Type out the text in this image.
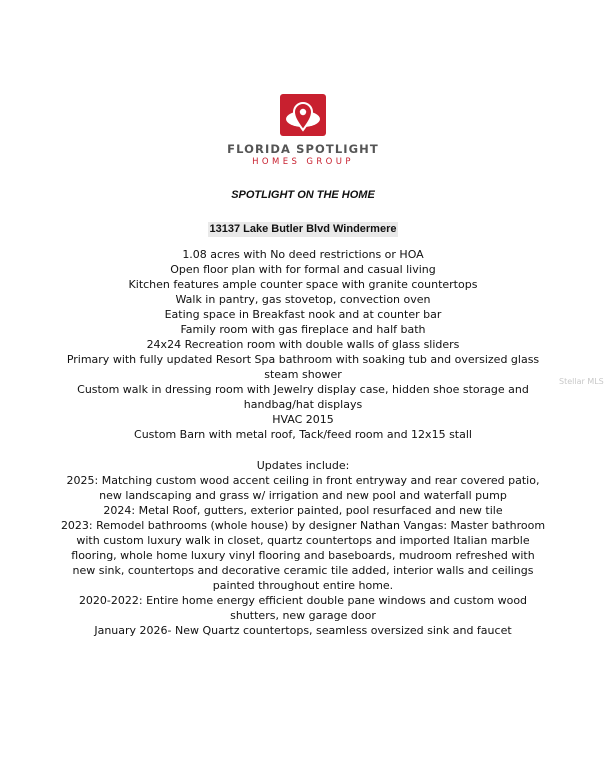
FLORIDA SPOTLIGHT
HOMES GROUP
SPOTLIGHT ON THE HOME
13137 Lake Butler Blvd Windermere

1.08 acres with No deed restrictions or HOA

Open floor plan with for formal and casual living

Kitchen features ample counter space with granite countertops

Walk in pantry, gas stovetop, convection oven

Eating space in Breakfast nook and at counter bar

Family room with gas fireplace and half bath

24x24 Recreation room with double walls of glass sliders

Primary with fully updated Resort Spa bathroom with soaking tub and oversized glass steam shower

Custom walk in dressing room with Jewelry display case, hidden shoe storage and handbag/hat displays

HVAC 2015

Custom Barn with metal roof, Tack/feed room and 12x15 stall

Updates include:

2025: Matching custom wood accent ceiling in front entryway and rear covered patio, new landscaping and grass w/ irrigation and new pool and waterfall pump

2024: Metal Roof, gutters, exterior painted, pool resurfaced and new tile

2023: Remodel bathrooms (whole house) by designer Nathan Vangas: Master bathroom with custom luxury walk in closet, quartz countertops and imported Italian marble flooring, whole home luxury vinyl flooring and baseboards, mudroom refreshed with new sink, countertops and decorative ceramic tile added, interior walls and ceilings painted throughout entire home.

2020-2022: Entire home energy efficient double pane windows and custom wood shutters, new garage door

January 2026- New Quartz countertops, seamless oversized sink and faucet

Stellar MLS
